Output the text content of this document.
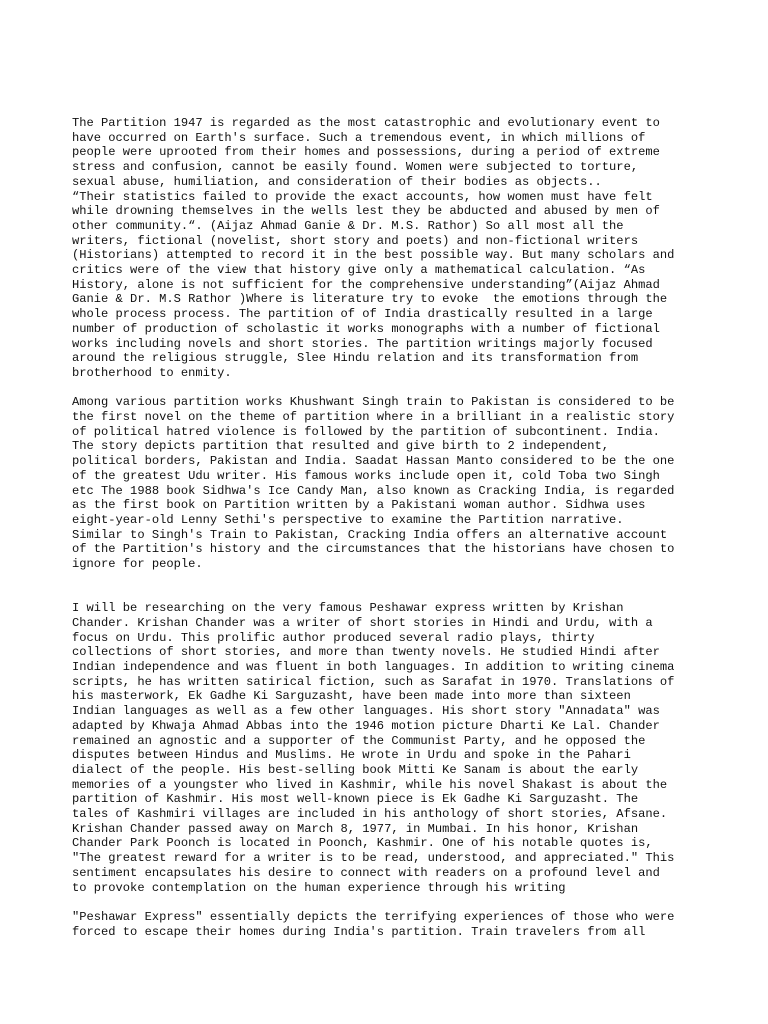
The Partition 1947 is regarded as the most catastrophic and evolutionary event to
have occurred on Earth's surface. Such a tremendous event, in which millions of
people were uprooted from their homes and possessions, during a period of extreme
stress and confusion, cannot be easily found. Women were subjected to torture,
sexual abuse, humiliation, and consideration of their bodies as objects..
“Their statistics failed to provide the exact accounts, how women must have felt
while drowning themselves in the wells lest they be abducted and abused by men of
other community.“. (Aijaz Ahmad Ganie & Dr. M.S. Rathor) So all most all the
writers, fictional (novelist, short story and poets) and non-fictional writers
(Historians) attempted to record it in the best possible way. But many scholars and
critics were of the view that history give only a mathematical calculation. “As
History, alone is not sufficient for the comprehensive understanding”(Aijaz Ahmad
Ganie & Dr. M.S Rathor )Where is literature try to evoke  the emotions through the
whole process process. The partition of of India drastically resulted in a large
number of production of scholastic it works monographs with a number of fictional
works including novels and short stories. The partition writings majorly focused
around the religious struggle, Slee Hindu relation and its transformation from
brotherhood to enmity.

Among various partition works Khushwant Singh train to Pakistan is considered to be
the first novel on the theme of partition where in a brilliant in a realistic story
of political hatred violence is followed by the partition of subcontinent. India.
The story depicts partition that resulted and give birth to 2 independent,
political borders, Pakistan and India. Saadat Hassan Manto considered to be the one
of the greatest Udu writer. His famous works include open it, cold Toba two Singh
etc The 1988 book Sidhwa's Ice Candy Man, also known as Cracking India, is regarded
as the first book on Partition written by a Pakistani woman author. Sidhwa uses
eight-year-old Lenny Sethi's perspective to examine the Partition narrative.
Similar to Singh's Train to Pakistan, Cracking India offers an alternative account
of the Partition's history and the circumstances that the historians have chosen to
ignore for people.

I will be researching on the very famous Peshawar express written by Krishan
Chander. Krishan Chander was a writer of short stories in Hindi and Urdu, with a
focus on Urdu. This prolific author produced several radio plays, thirty
collections of short stories, and more than twenty novels. He studied Hindi after
Indian independence and was fluent in both languages. In addition to writing cinema
scripts, he has written satirical fiction, such as Sarafat in 1970. Translations of
his masterwork, Ek Gadhe Ki Sarguzasht, have been made into more than sixteen
Indian languages as well as a few other languages. His short story "Annadata" was
adapted by Khwaja Ahmad Abbas into the 1946 motion picture Dharti Ke Lal. Chander
remained an agnostic and a supporter of the Communist Party, and he opposed the
disputes between Hindus and Muslims. He wrote in Urdu and spoke in the Pahari
dialect of the people. His best-selling book Mitti Ke Sanam is about the early
memories of a youngster who lived in Kashmir, while his novel Shakast is about the
partition of Kashmir. His most well-known piece is Ek Gadhe Ki Sarguzasht. The
tales of Kashmiri villages are included in his anthology of short stories, Afsane.
Krishan Chander passed away on March 8, 1977, in Mumbai. In his honor, Krishan
Chander Park Poonch is located in Poonch, Kashmir. One of his notable quotes is,
"The greatest reward for a writer is to be read, understood, and appreciated." This
sentiment encapsulates his desire to connect with readers on a profound level and
to provoke contemplation on the human experience through his writing

"Peshawar Express" essentially depicts the terrifying experiences of those who were
forced to escape their homes during India's partition. Train travelers from all
